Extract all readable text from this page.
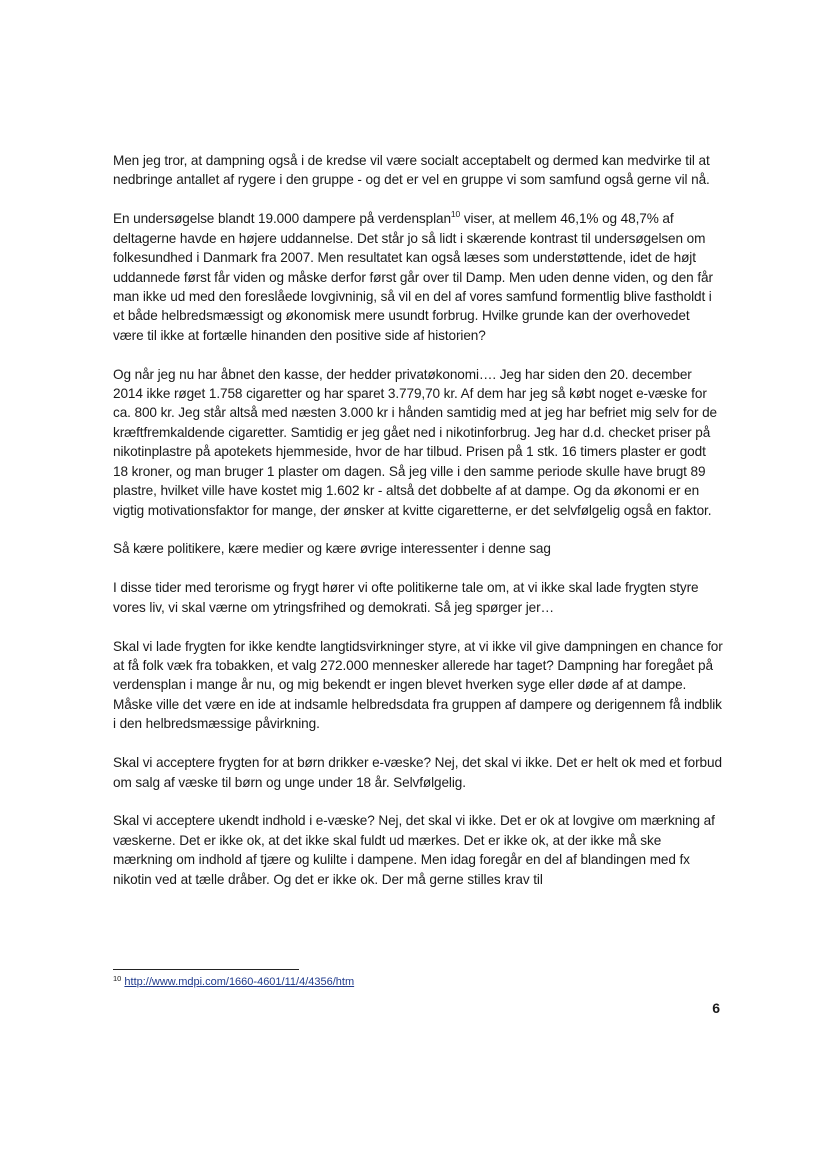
Men jeg tror, at dampning også i de kredse vil være socialt acceptabelt og dermed kan medvirke til at nedbringe antallet af rygere i den gruppe - og det er vel en gruppe vi som samfund også gerne vil nå.

En undersøgelse blandt 19.000 dampere på verdensplan$^{10}$ viser, at mellem 46,1% og 48,7% af deltagerne havde en højere uddannelse. Det står jo så lidt i skærende kontrast til undersøgelsen om folkesundhed i Danmark fra 2007. Men resultatet kan også læses som understøttende, idet de højt uddannede først får viden og måske derfor først går over til Damp. Men uden denne viden, og den får man ikke ud med den foreslåede lovgivninig, så vil en del af vores samfund formentlig blive fastholdt i et både helbredsmæssigt og økonomisk mere usundt forbrug. Hvilke grunde kan der overhovedet være til ikke at fortælle hinanden den positive side af historien?

Og når jeg nu har åbnet den kasse, der hedder privatøkonomi…. Jeg har siden den 20. december 2014 ikke røget 1.758 cigaretter og har sparet 3.779,70 kr. Af dem har jeg så købt noget e-væske for ca. 800 kr. Jeg står altså med næsten 3.000 kr i hånden samtidig med at jeg har befriet mig selv for de kræftfremkaldende cigaretter. Samtidig er jeg gået ned i nikotinforbrug. Jeg har d.d. checket priser på nikotinplastre på apotekets hjemmeside, hvor de har tilbud. Prisen på 1 stk. 16 timers plaster er godt 18 kroner, og man bruger 1 plaster om dagen. Så jeg ville i den samme periode skulle have brugt 89 plastre, hvilket ville have kostet mig 1.602 kr - altså det dobbelte af at dampe. Og da økonomi er en vigtig motivationsfaktor for mange, der ønsker at kvitte cigaretterne, er det selvfølgelig også en faktor.

Så kære politikere, kære medier og kære øvrige interessenter i denne sag

I disse tider med terorisme og frygt hører vi ofte politikerne tale om, at vi ikke skal lade frygten styre vores liv, vi skal værne om ytringsfrihed og demokrati. Så jeg spørger jer…

Skal vi lade frygten for ikke kendte langtidsvirkninger styre, at vi ikke vil give dampningen en chance for at få folk væk fra tobakken, et valg 272.000 mennesker allerede har taget? Dampning har foregået på verdensplan i mange år nu, og mig bekendt er ingen blevet hverken syge eller døde af at dampe. Måske ville det være en ide at indsamle helbredsdata fra gruppen af dampere og derigennem få indblik i den helbredsmæssige påvirkning.

Skal vi acceptere frygten for at børn drikker e-væske? Nej, det skal vi ikke. Det er helt ok med et forbud om salg af væske til børn og unge under 18 år. Selvfølgelig.

Skal vi acceptere ukendt indhold i e-væske? Nej, det skal vi ikke. Det er ok at lovgive om mærkning af væskerne. Det er ikke ok, at det ikke skal fuldt ud mærkes. Det er ikke ok, at der ikke må ske mærkning om indhold af tjære og kulilte i dampene. Men idag foregår en del af blandingen med fx nikotin ved at tælle dråber. Og det er ikke ok. Der må gerne stilles krav til

$^{10}$ http://www.mdpi.com/1660-4601/11/4/4356/htm
6
